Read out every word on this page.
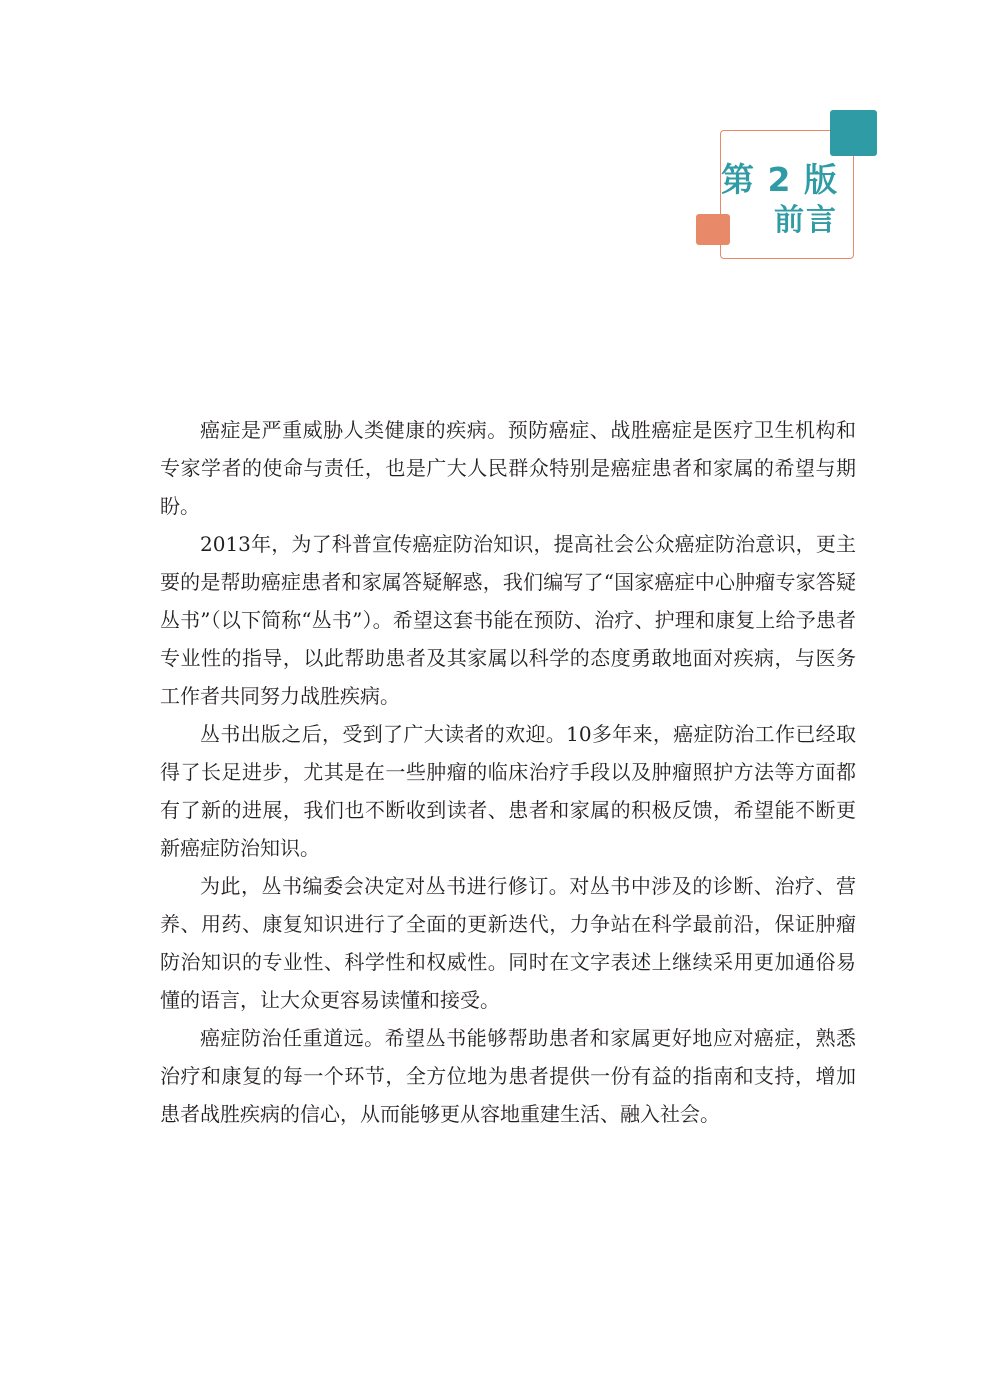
第 2 版
前言

癌症是严重威胁人类健康的疾病。预防癌症、战胜癌症是医疗卫生机构和专家学者的使命与责任，也是广大人民群众特别是癌症患者和家属的希望与期盼。

2013年，为了科普宣传癌症防治知识，提高社会公众癌症防治意识，更主要的是帮助癌症患者和家属答疑解惑，我们编写了“国家癌症中心肿瘤专家答疑丛书”（以下简称“丛书”）。希望这套书能在预防、治疗、护理和康复上给予患者专业性的指导，以此帮助患者及其家属以科学的态度勇敢地面对疾病，与医务工作者共同努力战胜疾病。

丛书出版之后，受到了广大读者的欢迎。10多年来，癌症防治工作已经取得了长足进步，尤其是在一些肿瘤的临床治疗手段以及肿瘤照护方法等方面都有了新的进展，我们也不断收到读者、患者和家属的积极反馈，希望能不断更新癌症防治知识。

为此，丛书编委会决定对丛书进行修订。对丛书中涉及的诊断、治疗、营养、用药、康复知识进行了全面的更新迭代，力争站在科学最前沿，保证肿瘤防治知识的专业性、科学性和权威性。同时在文字表述上继续采用更加通俗易懂的语言，让大众更容易读懂和接受。

癌症防治任重道远。希望丛书能够帮助患者和家属更好地应对癌症，熟悉治疗和康复的每一个环节，全方位地为患者提供一份有益的指南和支持，增加患者战胜疾病的信心，从而能够更从容地重建生活、融入社会。
